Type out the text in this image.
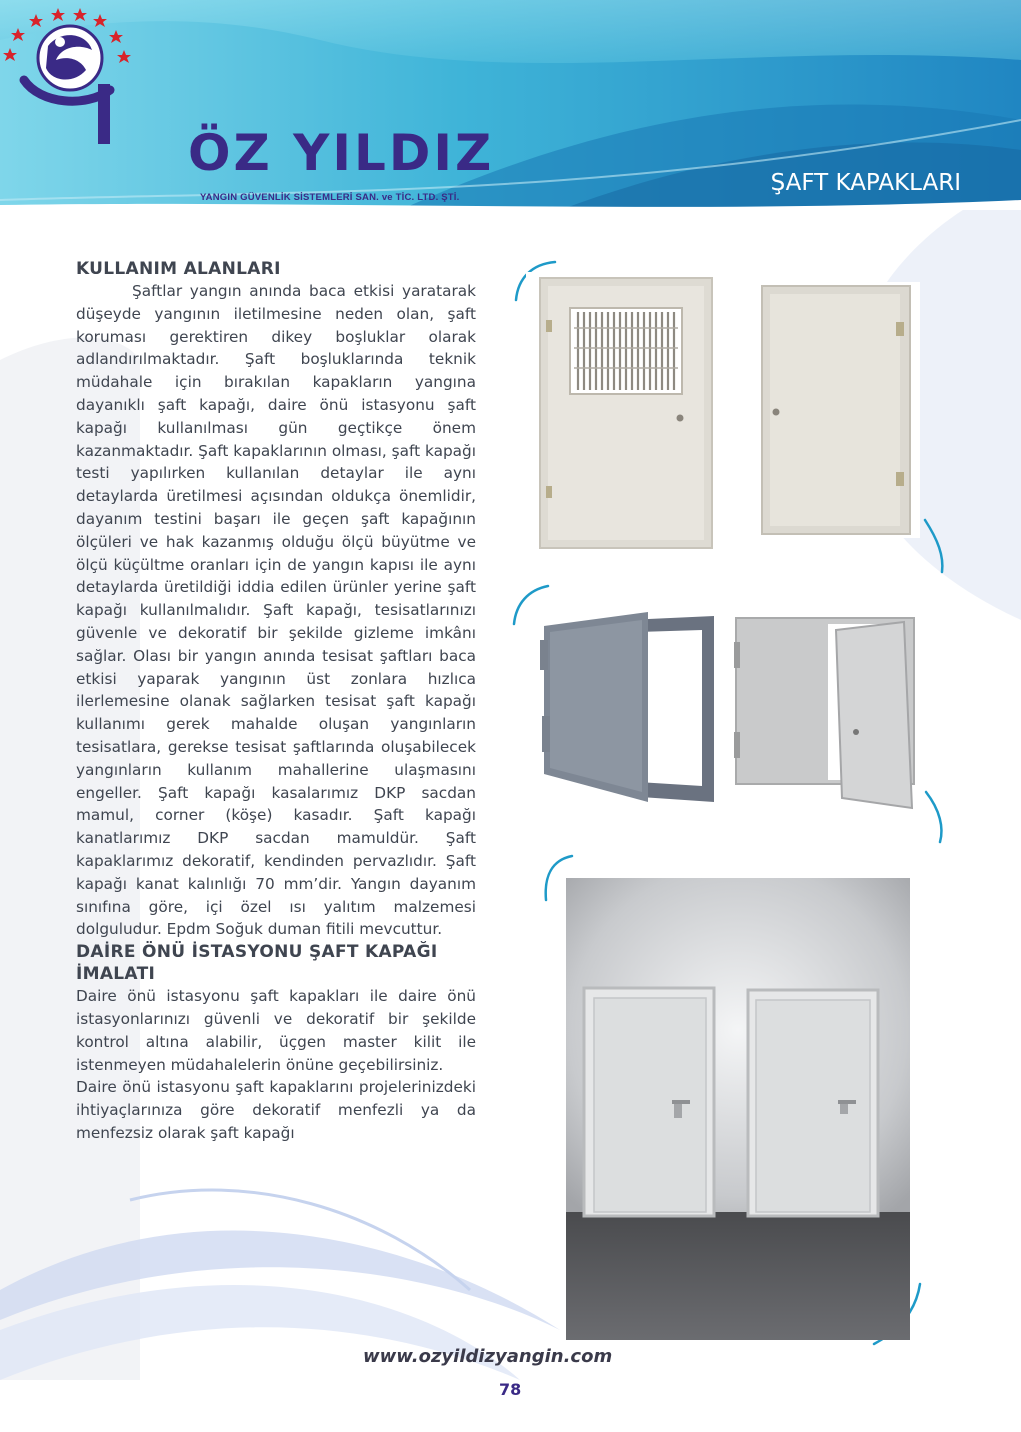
ÖZ YILDIZ
YANGIN GÜVENLİK SİSTEMLERİ SAN. ve TİC. LTD. ŞTİ.
ŞAFT KAPAKLARI
KULLANIM ALANLARI

Şaftlar yangın anında baca etkisi yaratarak düşeyde yangının iletilmesine neden olan, şaft koruması gerektiren dikey boşluklar olarak adlandırılmaktadır. Şaft boşluklarında teknik müdahale için bırakılan kapakların yangına dayanıklı şaft kapağı, daire önü istasyonu şaft kapağı kullanılması gün geçtikçe önem kazanmaktadır. Şaft kapaklarının olması, şaft kapağı testi yapılırken kullanılan detaylar ile aynı detaylarda üretilmesi açısından oldukça önemlidir, dayanım testini başarı ile geçen şaft kapağının ölçüleri ve hak kazanmış olduğu ölçü büyütme ve ölçü küçültme oranları için de yangın kapısı ile aynı detaylarda üretildiği iddia edilen ürünler yerine şaft kapağı kullanılmalıdır. Şaft kapağı, tesisatlarınızı güvenle ve dekoratif bir şekilde gizleme imkânı sağlar. Olası bir yangın anında tesisat şaftları baca etkisi yaparak yangının üst zonlara hızlıca ilerlemesine olanak sağlarken tesisat şaft kapağı kullanımı gerek mahalde oluşan yangınların tesisatlara, gerekse tesisat şaftlarında oluşabilecek yangınların kullanım mahallerine ulaşmasını engeller. Şaft kapağı kasalarımız DKP sacdan mamul, corner (köşe) kasadır. Şaft kapağı kanatlarımız DKP sacdan mamuldür. Şaft kapaklarımız dekoratif, kendinden pervazlıdır. Şaft kapağı kanat kalınlığı 70 mm’dir. Yangın dayanım sınıfına göre, içi özel ısı yalıtım malzemesi dolguludur. Epdm Soğuk duman fitili mevcuttur.

DAİRE ÖNÜ İSTASYONU ŞAFT KAPAĞI İMALATI

Daire önü istasyonu şaft kapakları ile daire önü istasyonlarınızı güvenli ve dekoratif bir şekilde kontrol altına alabilir, üçgen master kilit ile istenmeyen müdahalelerin önüne geçebilirsiniz.

Daire önü istasyonu şaft kapaklarını projelerinizdeki ihtiyaçlarınıza göre dekoratif menfezli ya da menfezsiz olarak şaft kapağı

www.ozyildizyangin.com
78
